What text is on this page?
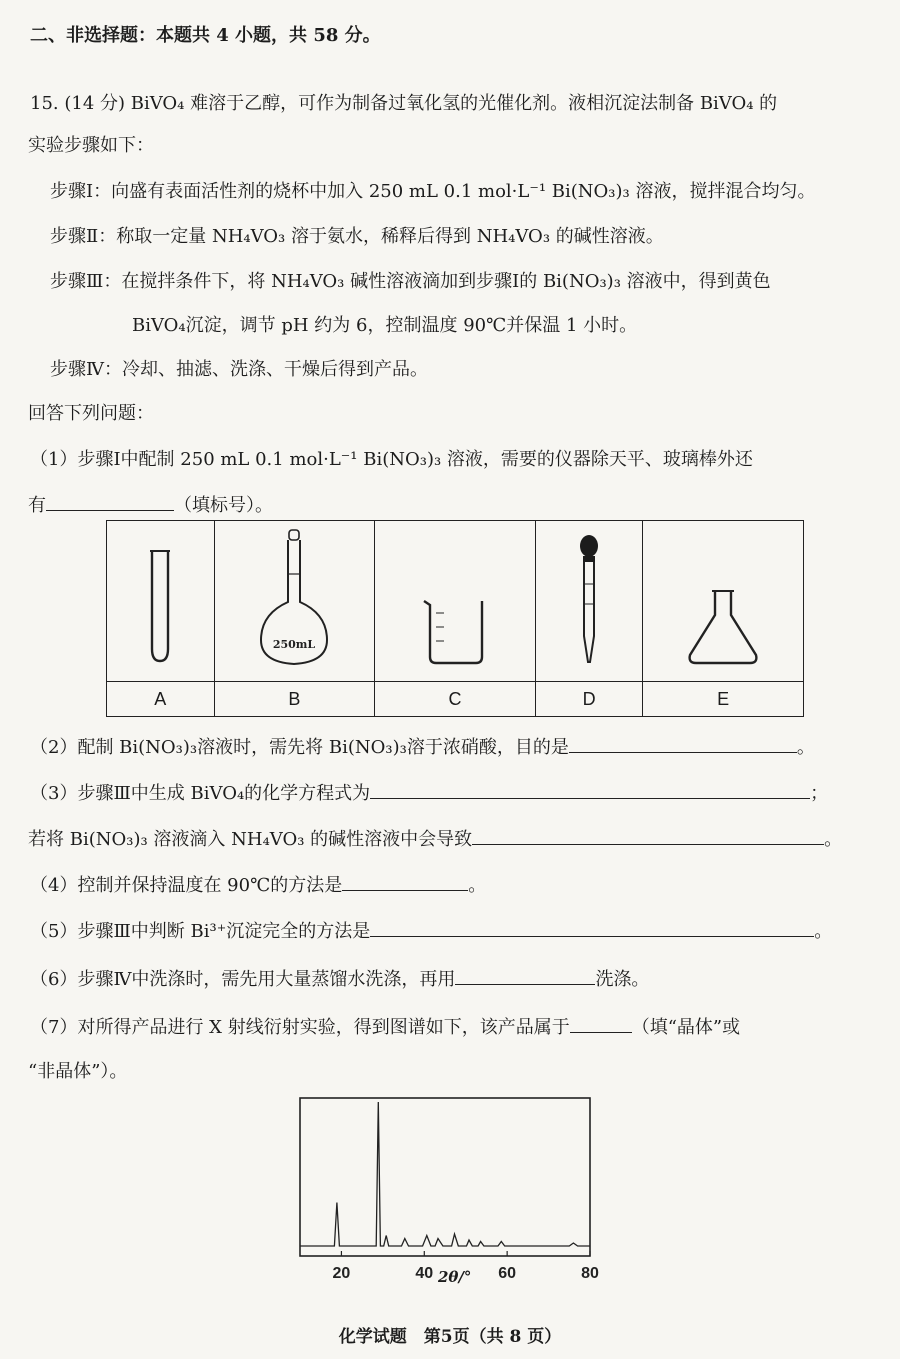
二、非选择题：本题共 4 小题，共 58 分。
15. (14 分) BiVO₄ 难溶于乙醇，可作为制备过氧化氢的光催化剂。液相沉淀法制备 BiVO₄ 的
实验步骤如下：
步骤Ⅰ：向盛有表面活性剂的烧杯中加入 250 mL 0.1 mol·L⁻¹ Bi(NO₃)₃ 溶液，搅拌混合均匀。
步骤Ⅱ：称取一定量 NH₄VO₃ 溶于氨水，稀释后得到 NH₄VO₃ 的碱性溶液。
步骤Ⅲ：在搅拌条件下，将 NH₄VO₃ 碱性溶液滴加到步骤Ⅰ的 Bi(NO₃)₃ 溶液中，得到黄色
BiVO₄沉淀，调节 pH 约为 6，控制温度 90℃并保温 1 小时。
步骤Ⅳ：冷却、抽滤、洗涤、干燥后得到产品。
回答下列问题：
（1）步骤Ⅰ中配制 250 mL 0.1 mol·L⁻¹ Bi(NO₃)₃ 溶液，需要的仪器除天平、玻璃棒外还
有	（填标号）。

250mL

A	B	C	D	E
（2）配制 Bi(NO₃)₃溶液时，需先将 Bi(NO₃)₃溶于浓硝酸，目的是	。
（3）步骤Ⅲ中生成 BiVO₄的化学方程式为	；
若将 Bi(NO₃)₃ 溶液滴入 NH₄VO₃ 的碱性溶液中会导致	。
（4）控制并保持温度在 90℃的方法是	。
（5）步骤Ⅲ中判断 Bi³⁺沉淀完全的方法是	。
（6）步骤Ⅳ中洗涤时，需先用大量蒸馏水洗涤，再用	洗涤。
（7）对所得产品进行 X 射线衍射实验，得到图谱如下，该产品属于	（填“晶体”或
“非晶体”）。
20	40	60	80
2θ/°
化学试题　第5页（共 8 页）
